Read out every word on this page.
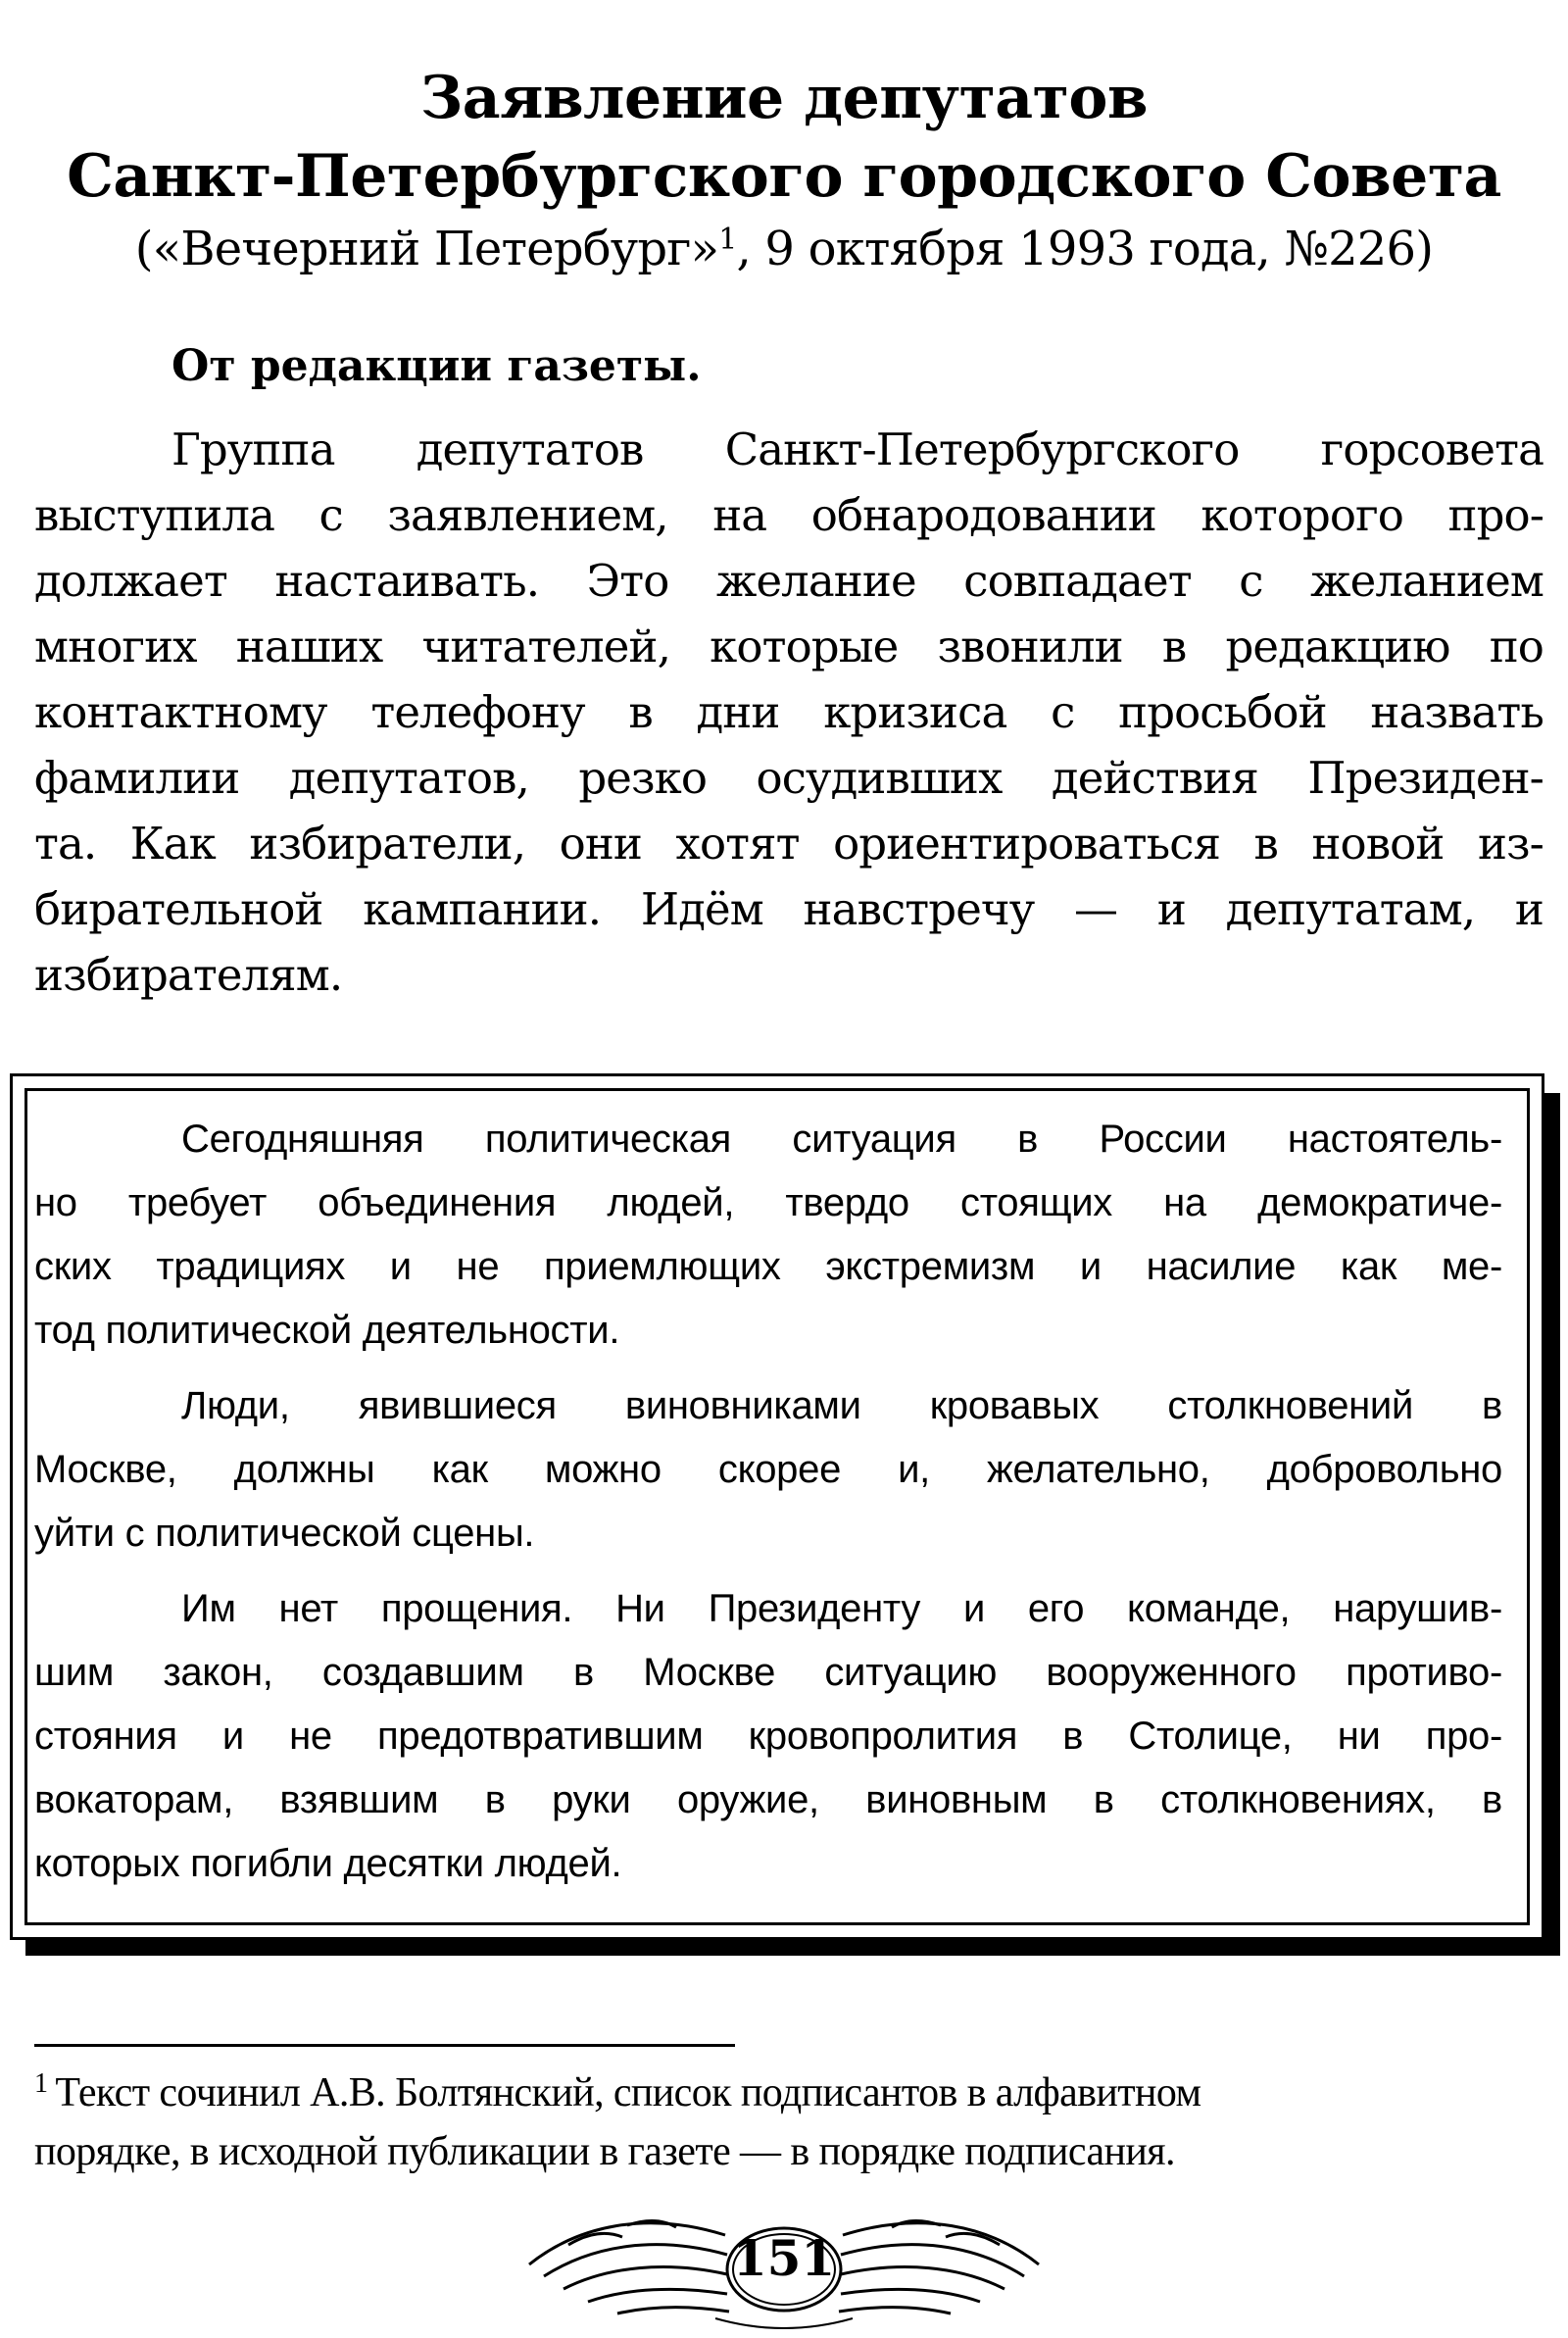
Заявление депутатов
Санкт-Петербургского городского Совета
(«Вечерний Петербург»$^1$, 9 октября 1993 года, №226)
От редакции газеты.
Группа депутатов Санкт-Петербургского горсовета
выступила с заявлением, на обнародовании которого про-
должает настаивать. Это желание совпадает с желанием
многих наших читателей, которые звонили в редакцию по
контактному телефону в дни кризиса с просьбой назвать
фамилии депутатов, резко осудивших действия Президен-
та. Как избиратели, они хотят ориентироваться в новой из-
бирательной кампании. Идём навстречу — и депутатам, и
избирателям.
Сегодняшняя политическая ситуация в России настоятель-
но требует объединения людей, твердо стоящих на демократиче-
ских традициях и не приемлющих экстремизм и насилие как ме-
тод политической деятельности.
Люди, явившиеся виновниками кровавых столкновений в
Москве, должны как можно скорее и, желательно, добровольно
уйти с политической сцены.
Им нет прощения. Ни Президенту и его команде, нарушив-
шим закон, создавшим в Москве ситуацию вооруженного противо-
стояния и не предотвратившим кровопролития в Столице, ни про-
вокаторам, взявшим в руки оружие, виновным в столкновениях, в
которых погибли десятки людей.
$^1$ Текст сочинил А.В. Болтянский, список подписантов в алфавитном
порядке, в исходной публикации в газете — в порядке подписания.
151
